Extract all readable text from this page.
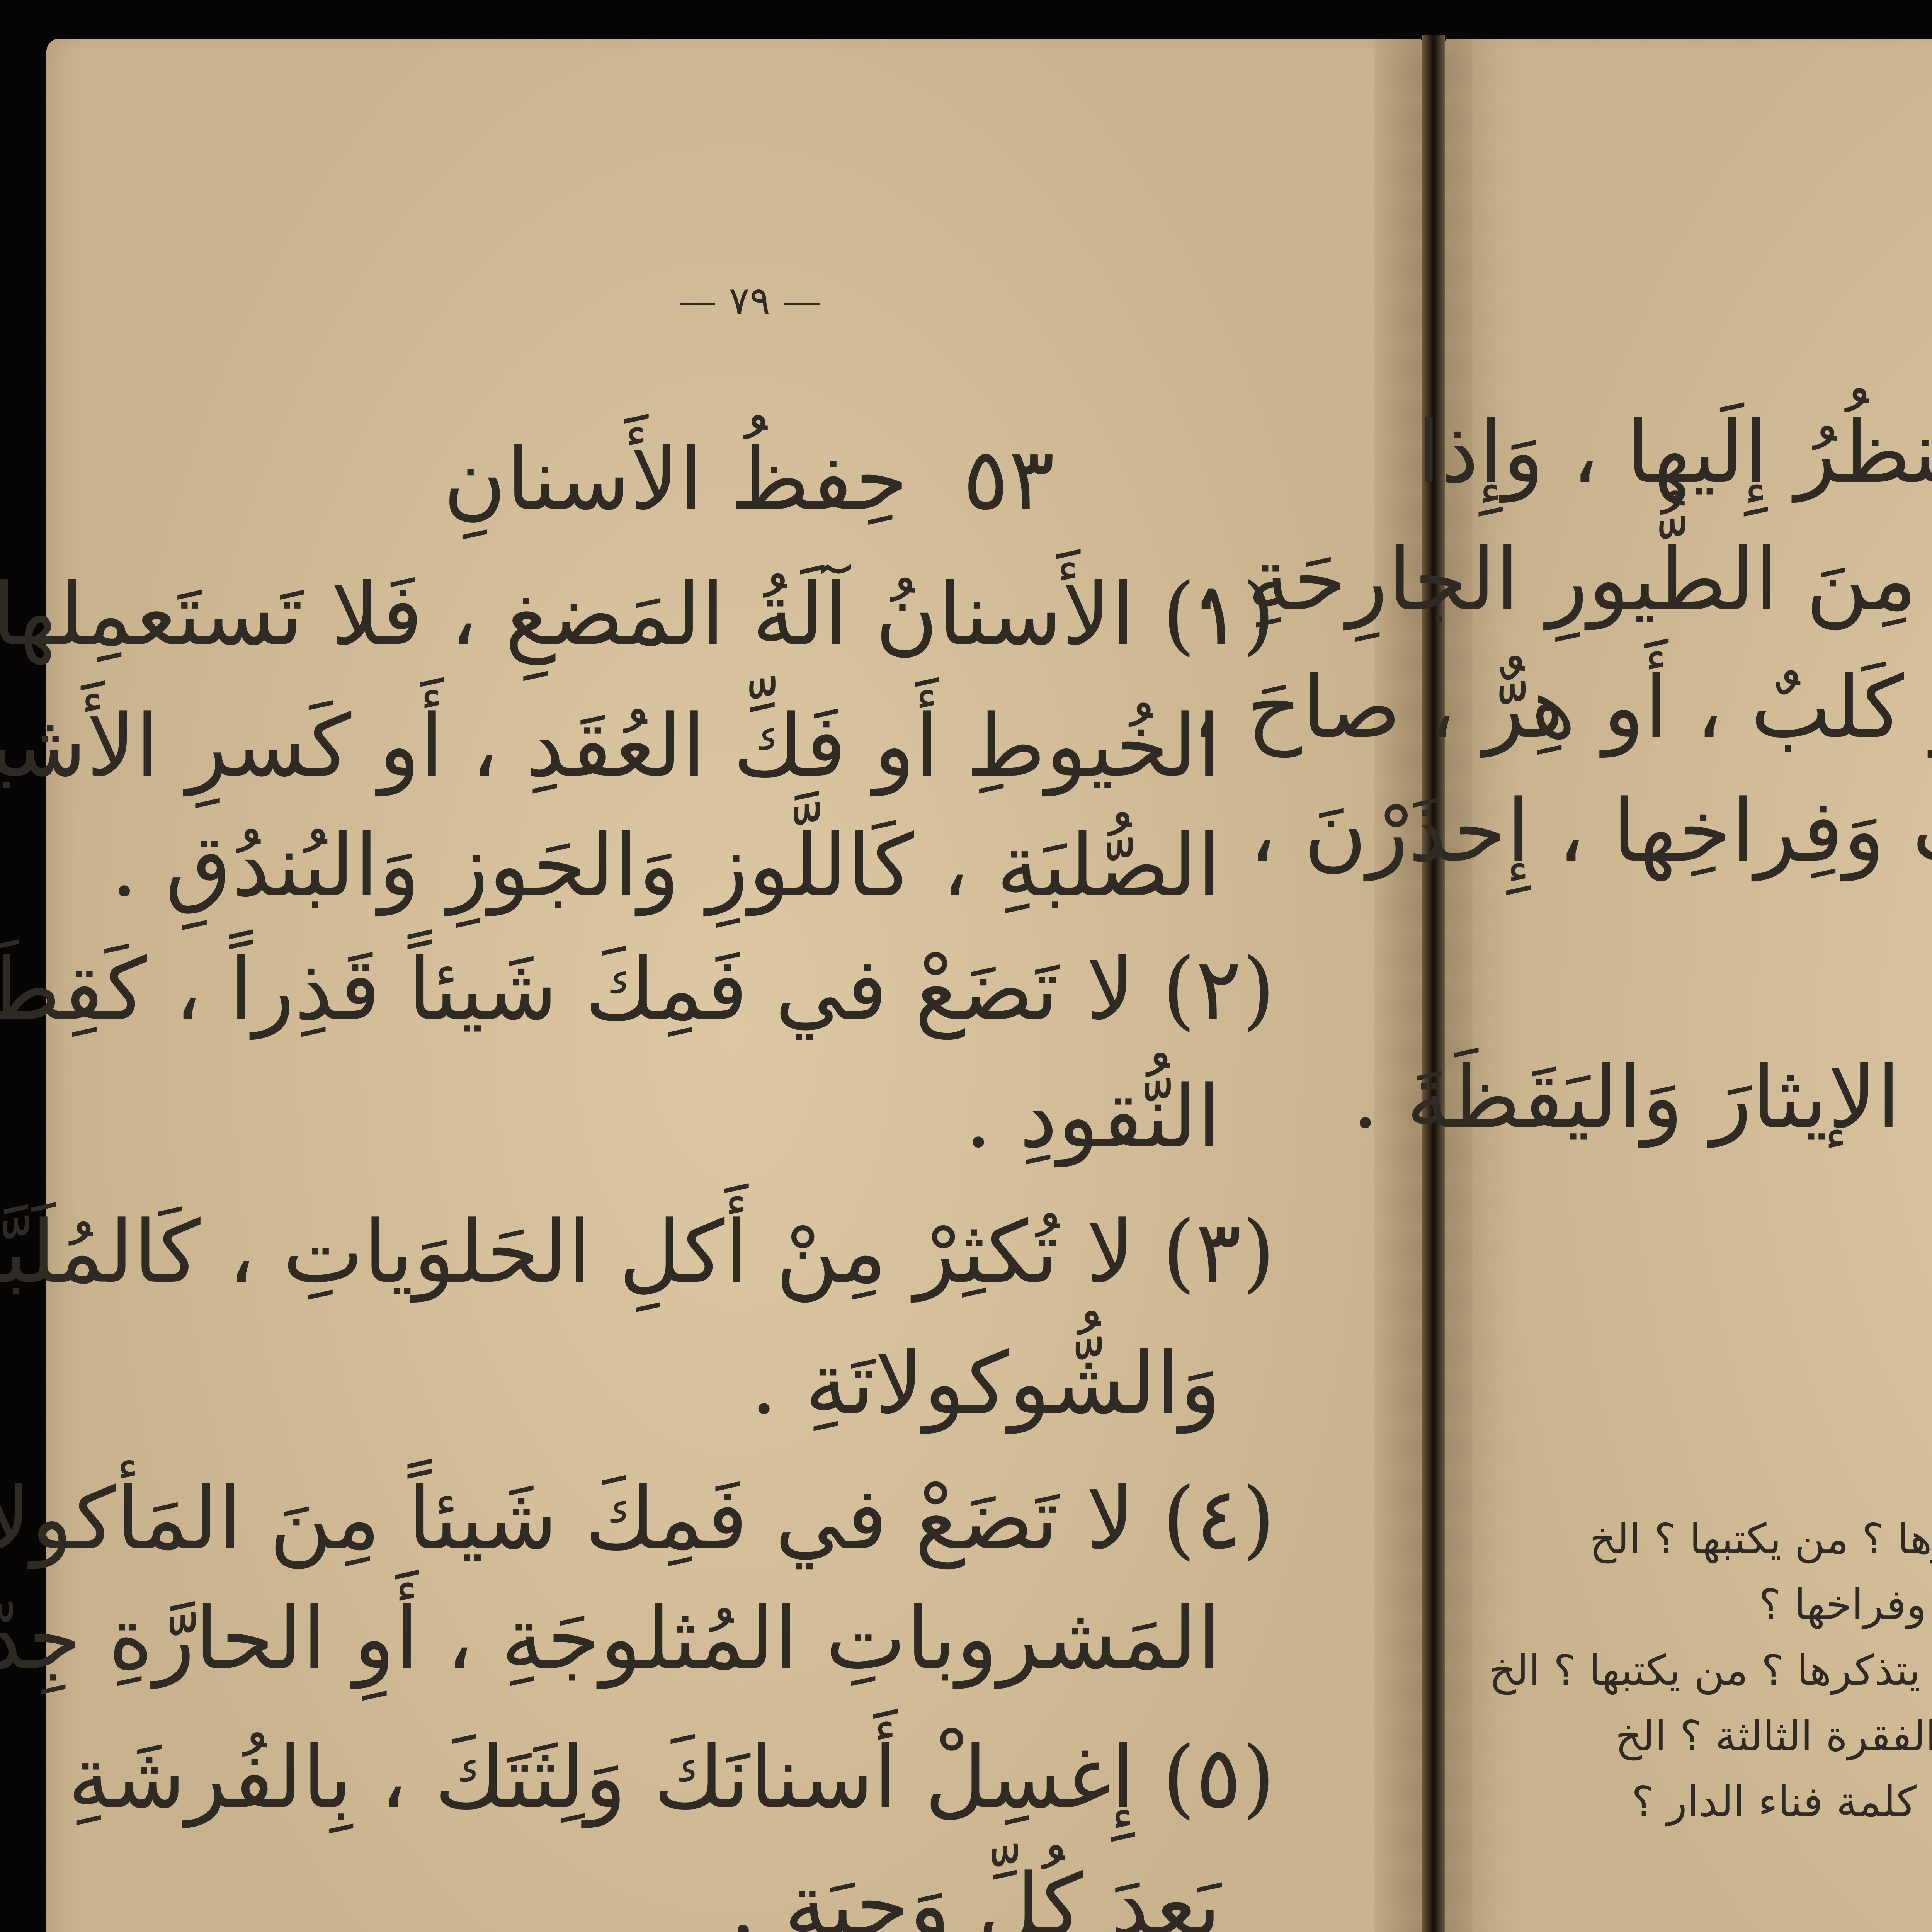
— ٧٩ —
٥٣
حِفظُ الأَسنانِ
(١) الأَسنانُ آلَةُ المَضغِ ، فَلا تَستَعمِلها
الخُيوطِ أَو فَكِّ العُقَدِ ، أَو كَسرِ الأَشياءِ
الصُّلبَةِ ، كَاللَّوزِ وَالجَوزِ وَالبُندُقِ .
(٢) لا تَضَعْ في فَمِكَ شَيئاً قَذِراً ، كَقِطَعِ
النُّقودِ .
(٣) لا تُكثِرْ مِنْ أَكلِ الحَلوَياتِ ، كَالمُلَبَّس
وَالشُّوكولاتَةِ .
(٤) لا تَضَعْ في فَمِكَ شَيئاً مِنَ المَأكول
المَشروباتِ المُثلوجَةِ ، أَوِ الحارَّةِ جِدّاً .
(٥) إِغسِلْ أَسنانَكَ وَلِثَتَكَ ، بِالفُرشَةِ
بَعدَ كُلِّ وَجبَةٍ .
ظُرُ إِلَيها ، وَإِذا
مِنَ الطُّيورِ الجارِحَةِ ،
كَلبٌ ، أَو هِرٌّ ، صاحَ ،
وَفِراخِها ، إِحذَرْنَ ،
الإيثارَ وَاليَقَظَةَ .
ها ؟ من يكتبها ؟ الخ
وفراخها ؟
يتذكرها ؟ من يكتبها ؟ الخ
الفقرة الثالثة ؟ الخ
كلمة فناء الدار ؟
